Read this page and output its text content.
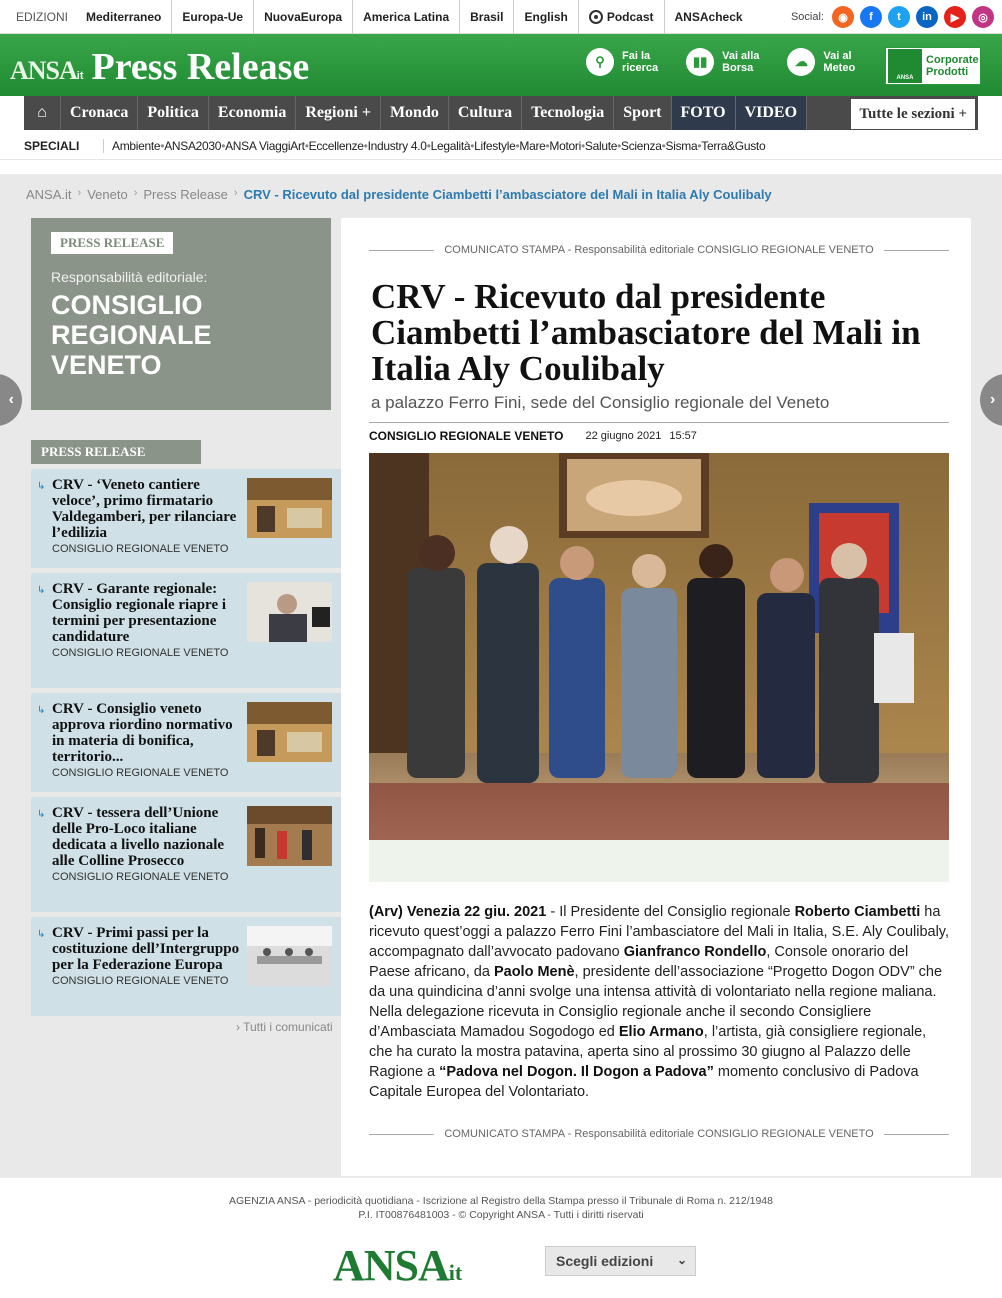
EDIZIONI	Mediterraneo	Europa-Ue	NuovaEuropa	America Latina	Brasil	English	Podcast	ANSAcheck	Social:	◉	f	t	in	▶	◎
ANSA it Press Release	⚲	Fai la
ricerca	▮▮	Vai alla
Borsa	☁	Vai al
Meteo
ANSA
Corporate
Prodotti
⌂	Cronaca	Politica	Economia	Regioni +	Mondo	Cultura	Tecnologia	Sport	FOTO	VIDEO	Tutte le sezioni +
SPECIALI	Ambiente • ANSA2030 • ANSA ViaggiArt • Eccellenze • Industry 4.0 • Legalità • Lifestyle • Mare • Motori • Salute • Scienza • Sisma • Terra&Gusto
ANSA.it › Veneto › Press Release › CRV - Ricevuto dal presidente Ciambetti l’ambasciatore del Mali in Italia Aly Coulibaly
‹	›
PRESS RELEASE
Responsabilità editoriale:
CONSIGLIO REGIONALE VENETO
PRESS RELEASE
↳ CRV - ‘Veneto cantiere veloce’, primo firmatario Valdegamberi, per rilanciare l’edilizia
CONSIGLIO REGIONALE VENETO
↳ CRV - Garante regionale: Consiglio regionale riapre i termini per presentazione candidature
CONSIGLIO REGIONALE VENETO
↳ CRV - Consiglio veneto approva riordino normativo in materia di bonifica, territorio...
CONSIGLIO REGIONALE VENETO
↳ CRV - tessera dell’Unione delle Pro-Loco italiane dedicata a livello nazionale alle Colline Prosecco
CONSIGLIO REGIONALE VENETO
↳ CRV - Primi passi per la costituzione dell’Intergruppo per la Federazione Europa
CONSIGLIO REGIONALE VENETO
› Tutti i comunicati
COMUNICATO STAMPA - Responsabilità editoriale CONSIGLIO REGIONALE VENETO
CRV - Ricevuto dal presidente Ciambetti l’ambasciatore del Mali in Italia Aly Coulibaly
a palazzo Ferro Fini, sede del Consiglio regionale del Veneto
CONSIGLIO REGIONALE VENETO 22 giugno 2021 15:57
(Arv) Venezia 22 giu. 2021 - Il Presidente del Consiglio regionale Roberto Ciambetti ha ricevuto quest’oggi a palazzo Ferro Fini l’ambasciatore del Mali in Italia, S.E. Aly Coulibaly, accompagnato dall’avvocato padovano Gianfranco Rondello, Console onorario del Paese africano, da Paolo Menè, presidente dell’associazione “Progetto Dogon ODV” che da una quindicina d’anni svolge una intensa attività di volontariato nella regione maliana. Nella delegazione ricevuta in Consiglio regionale anche il secondo Consigliere d’Ambasciata Mamadou Sogodogo ed Elio Armano, l’artista, già consigliere regionale, che ha curato la mostra patavina, aperta sino al prossimo 30 giugno al Palazzo delle Ragione a “Padova nel Dogon. Il Dogon a Padova” momento conclusivo di Padova Capitale Europea del Volontariato.
COMUNICATO STAMPA - Responsabilità editoriale CONSIGLIO REGIONALE VENETO
AGENZIA ANSA - periodicità quotidiana - Iscrizione al Registro della Stampa presso il Tribunale di Roma n. 212/1948
P.I. IT00876481003 - © Copyright ANSA - Tutti i diritti riservati
ANSA it	Scegli edizioni ⌄
